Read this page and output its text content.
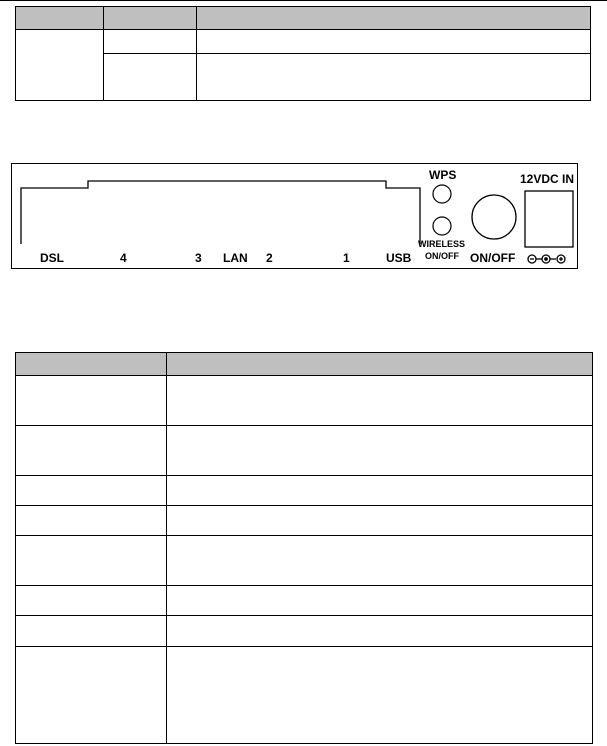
WPS	12VDC IN
WIRELESS
ON/OFF ON/OFF
DSL	4	3 LAN 2	1	USB
